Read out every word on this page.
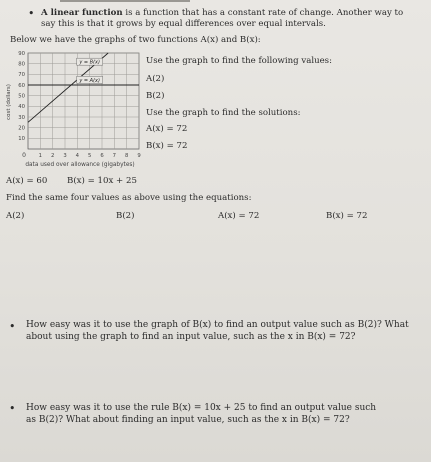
• A linear function is a function that has a constant rate of change. Another way to
say this is that it grows by equal differences over equal intervals.
Below we have the graphs of two functions A(x) and B(x):
y = B(x)
y = A(x)
1 2 3 4 5 6 7 8 9
10
20
30
40
50
60
70
80
90
0
cost (dollars)
data used over allowance (gigabytes)
Use the graph to find the following values:
A(2)
B(2)
Use the graph to find the solutions:
A(x) = 72
B(x) = 72
A(x) = 60 B(x) = 10x + 25
Find the same four values as above using the equations:
A(2)	B(2)	A(x) = 72	B(x) = 72
• How easy was it to use the graph of B(x) to find an output value such as B(2)? What
about using the graph to find an input value, such as the x in B(x) = 72?
• How easy was it to use the rule B(x) = 10x + 25 to find an output value such
as B(2)? What about finding an input value, such as the x in B(x) = 72?
